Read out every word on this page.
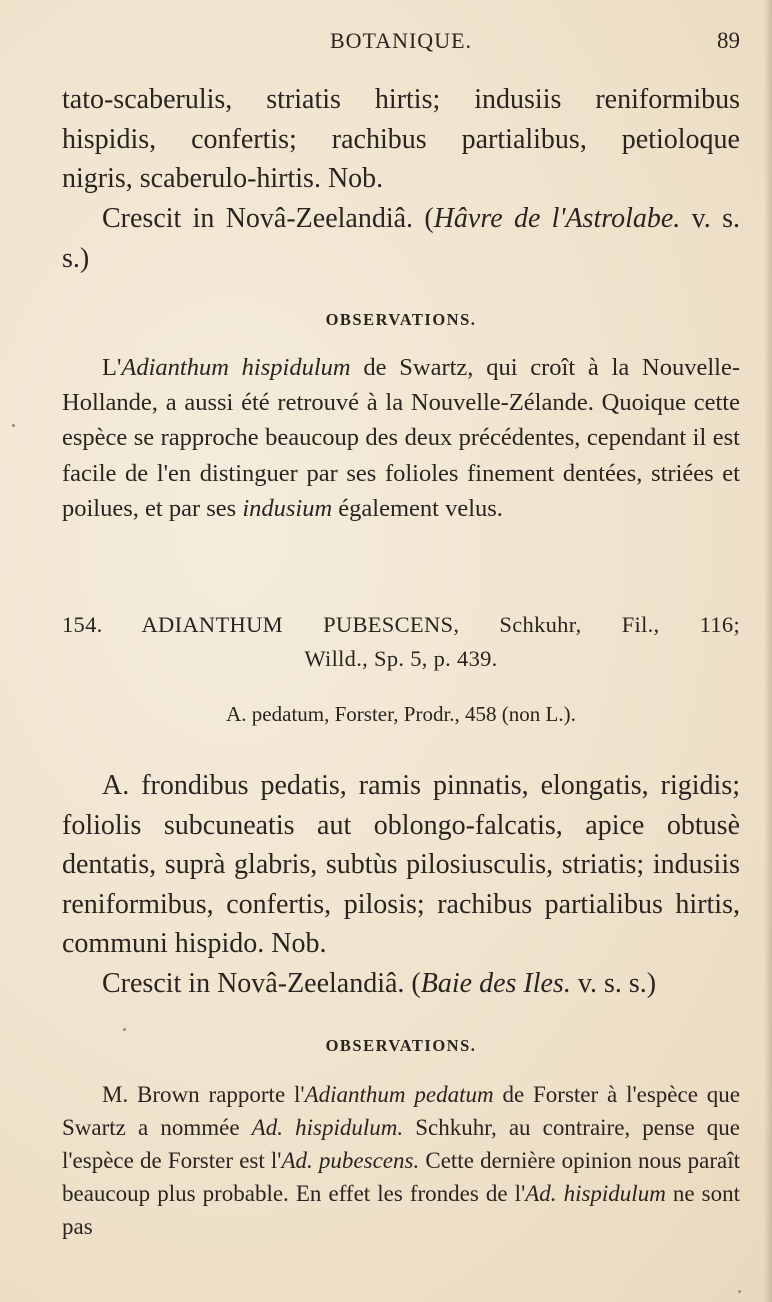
BOTANIQUE.	89
tato-scaberulis, striatis hirtis; indusiis reniformibus
hispidis, confertis; rachibus partialibus, petioloque
nigris, scaberulo-hirtis. Nob.
Crescit in Novâ-Zeelandiâ. (Hâvre de l'Astrolabe. v. s. s.)
OBSERVATIONS.
L'Adianthum hispidulum de Swartz, qui croît à la Nouvelle-Hollande, a aussi été retrouvé à la Nouvelle-Zélande. Quoique cette espèce se rapproche beaucoup des deux précédentes, cependant il est facile de l'en distinguer par ses folioles finement dentées, striées et poilues, et par ses indusium également velus.
154. ADIANTHUM PUBESCENS, Schkuhr, Fil., 116;
Willd., Sp. 5, p. 439.
A. pedatum, Forster, Prodr., 458 (non L.).
A. frondibus pedatis, ramis pinnatis, elongatis, rigidis; foliolis subcuneatis aut oblongo-falcatis, apice obtusè dentatis, suprà glabris, subtùs pilosiusculis, striatis; indusiis reniformibus, confertis, pilosis; rachibus partialibus hirtis, communi hispido. Nob.
Crescit in Novâ-Zeelandiâ. (Baie des Iles. v. s. s.)
OBSERVATIONS.
M. Brown rapporte l'Adianthum pedatum de Forster à l'espèce que Swartz a nommée Ad. hispidulum. Schkuhr, au contraire, pense que l'espèce de Forster est l'Ad. pubescens. Cette dernière opinion nous paraît beaucoup plus probable. En effet les frondes de l'Ad. hispidulum ne sont pas
